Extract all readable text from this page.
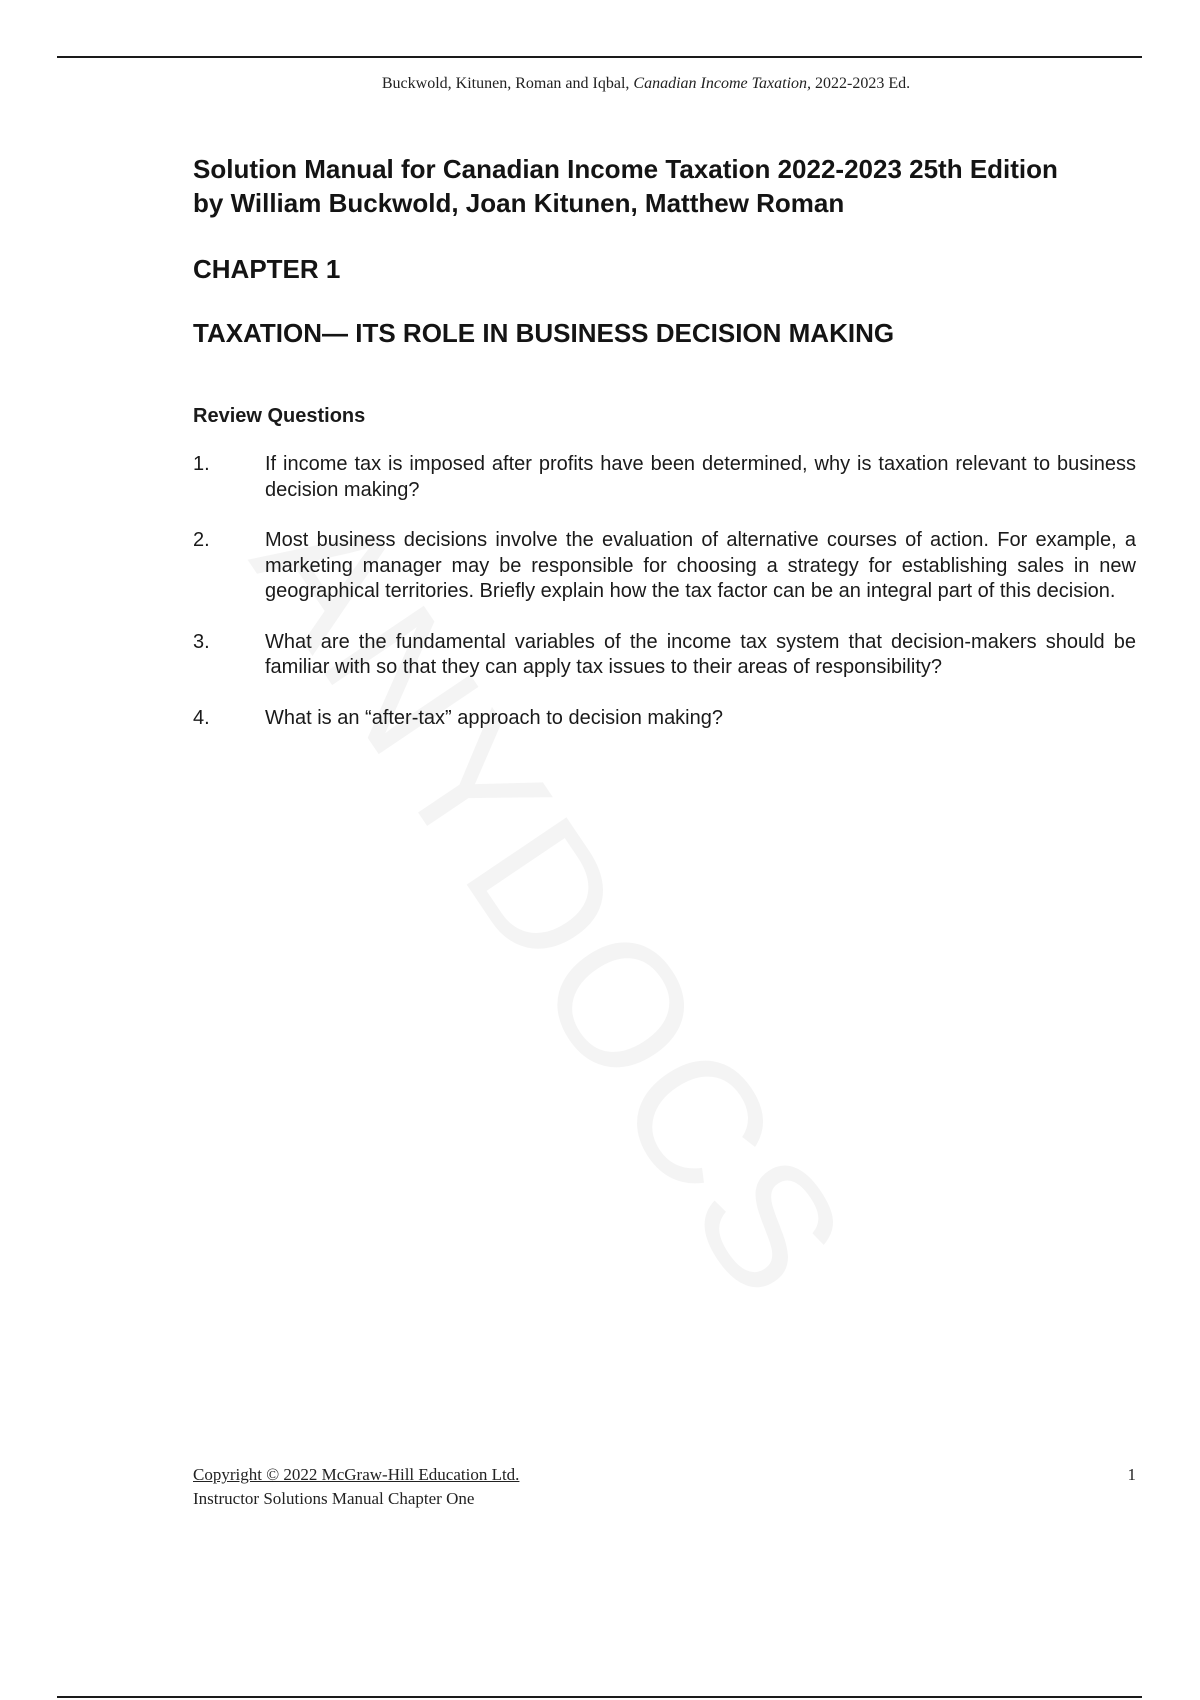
Buckwold, Kitunen, Roman and Iqbal, Canadian Income Taxation, 2022-2023 Ed.
Solution Manual for Canadian Income Taxation 2022-2023 25th Edition
by William Buckwold, Joan Kitunen, Matthew Roman
CHAPTER 1
TAXATION— ITS ROLE IN BUSINESS DECISION MAKING
Review Questions
1.	If income tax is imposed after profits have been determined, why is taxation relevant to business decision making?
2.	Most business decisions involve the evaluation of alternative courses of action. For example, a marketing manager may be responsible for choosing a strategy for establishing sales in new geographical territories. Briefly explain how the tax factor can be an integral part of this decision.
3.	What are the fundamental variables of the income tax system that decision-makers should be familiar with so that they can apply tax issues to their areas of responsibility?
4.	What is an “after-tax” approach to decision making?
Copyright © 2022 McGraw-Hill Education Ltd.
Instructor Solutions Manual Chapter One
1
